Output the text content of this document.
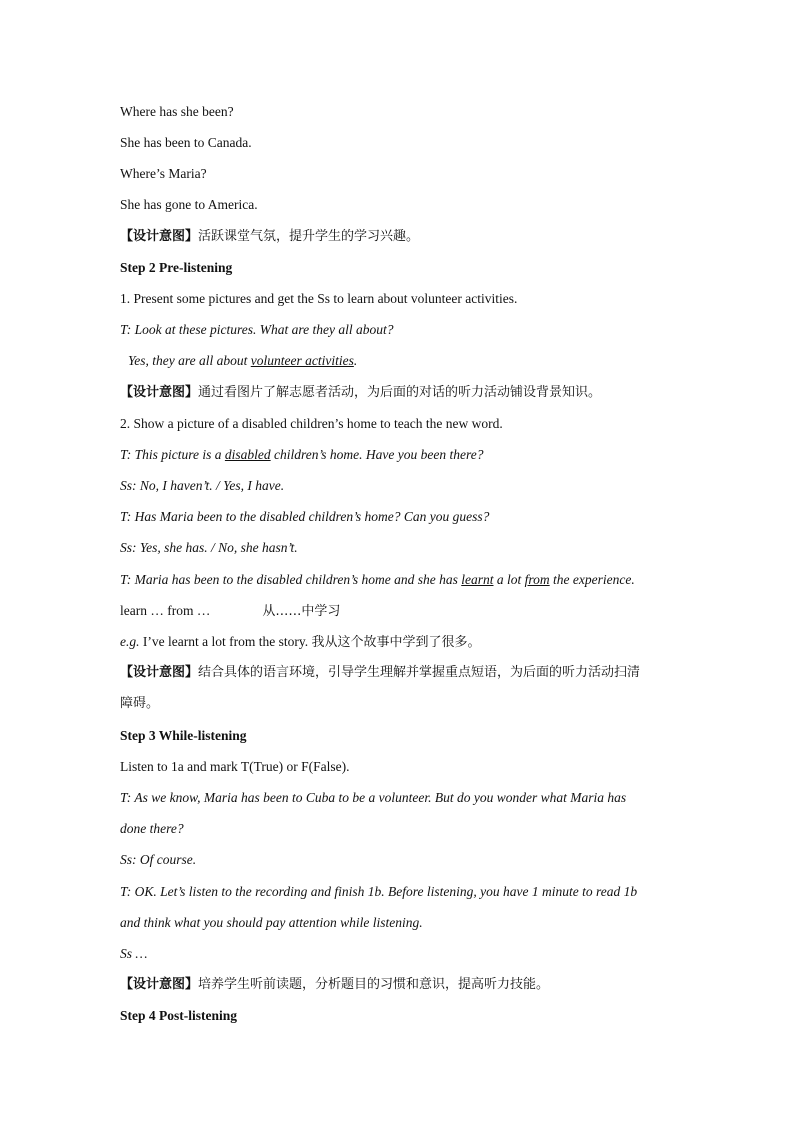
Where has she been?
She has been to Canada.
Where’s Maria?
She has gone to America.
【设计意图】活跃课堂气氛，提升学生的学习兴趣。
Step 2 Pre-listening
1. Present some pictures and get the Ss to learn about volunteer activities.
T: Look at these pictures. What are they all about?
Yes, they are all about volunteer activities.
【设计意图】通过看图片了解志愿者活动，为后面的对话的听力活动铺设背景知识。
2. Show a picture of a disabled children’s home to teach the new word.
T: This picture is a disabled children’s home. Have you been there?
Ss: No, I haven’t. / Yes, I have.
T: Has Maria been to the disabled children’s home? Can you guess?
Ss: Yes, she has. / No, she hasn’t.
T: Maria has been to the disabled children’s home and she has learnt a lot from the experience.
learn … from …	从……中学习
e.g. I’ve learnt a lot from the story. 我从这个故事中学到了很多。
【设计意图】结合具体的语言环境，引导学生理解并掌握重点短语，为后面的听力活动扫清
障碍。
Step 3 While-listening
Listen to 1a and mark T(True) or F(False).
T: As we know, Maria has been to Cuba to be a volunteer. But do you wonder what Maria has
done there?
Ss: Of course.
T: OK. Let’s listen to the recording and finish 1b. Before listening, you have 1 minute to read 1b
and think what you should pay attention while listening.
Ss …
【设计意图】培养学生听前读题，分析题目的习惯和意识，提高听力技能。
Step 4 Post-listening
